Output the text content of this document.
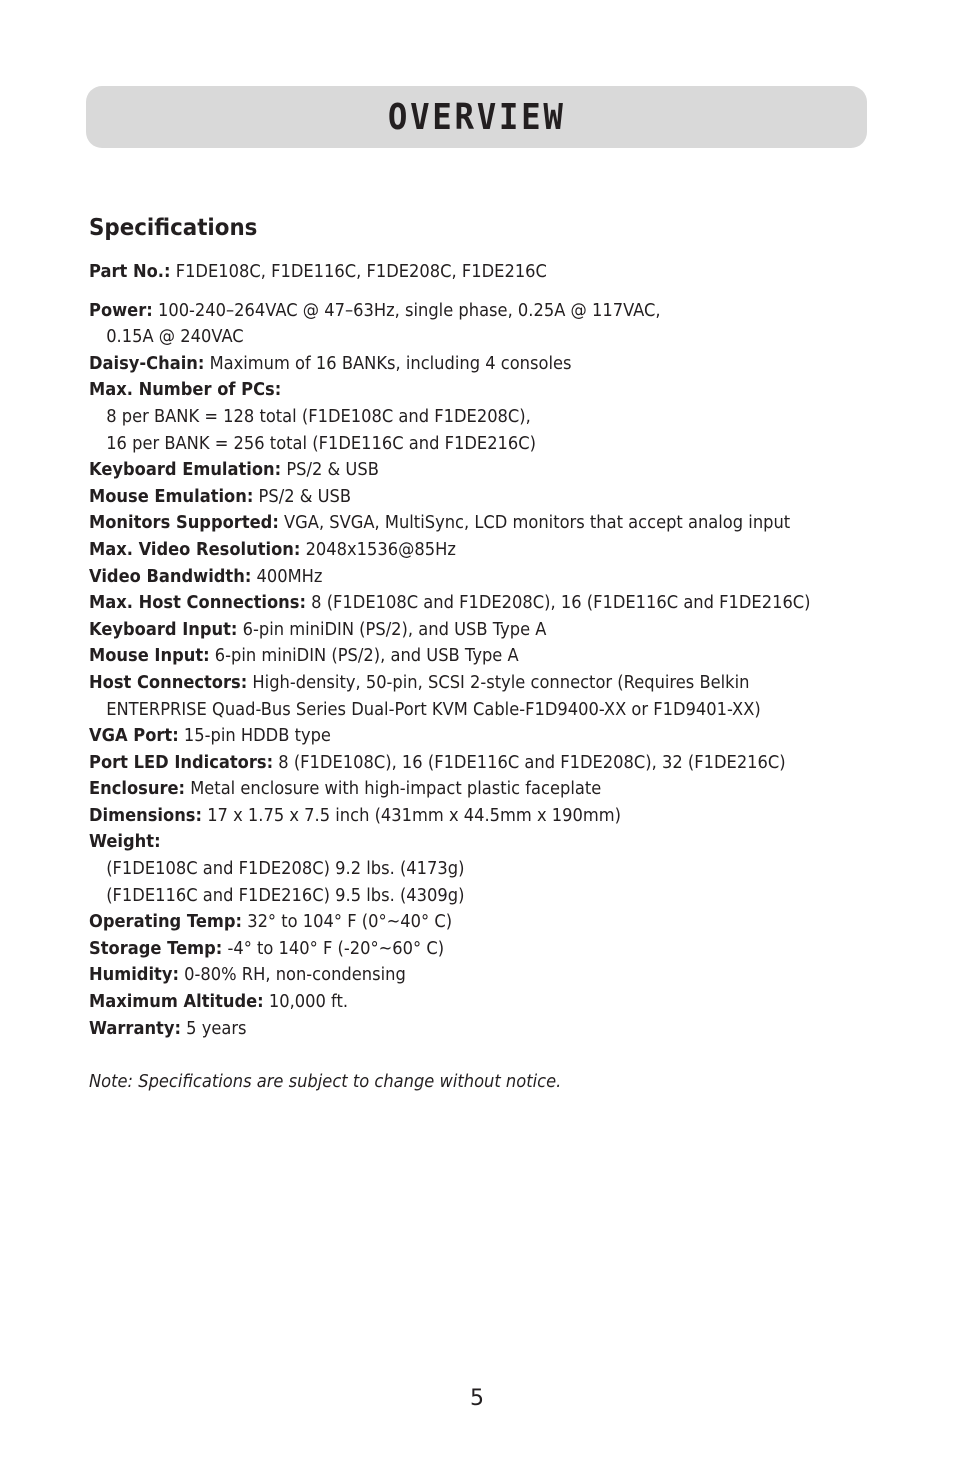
OVERVIEW
Specifications
Part No.: F1DE108C, F1DE116C, F1DE208C, F1DE216C
Power: 100-240–264VAC @ 47–63Hz, single phase, 0.25A @ 117VAC,
0.15A @ 240VAC
Daisy-Chain: Maximum of 16 BANKs, including 4 consoles
Max. Number of PCs:
8 per BANK = 128 total (F1DE108C and F1DE208C),
16 per BANK = 256 total (F1DE116C and F1DE216C)
Keyboard Emulation: PS/2 & USB
Mouse Emulation: PS/2 & USB
Monitors Supported: VGA, SVGA, MultiSync, LCD monitors that accept analog input
Max. Video Resolution: 2048x1536@85Hz
Video Bandwidth: 400MHz
Max. Host Connections: 8 (F1DE108C and F1DE208C), 16 (F1DE116C and F1DE216C)
Keyboard Input: 6-pin miniDIN (PS/2), and USB Type A
Mouse Input: 6-pin miniDIN (PS/2), and USB Type A
Host Connectors: High-density, 50-pin, SCSI 2-style connector (Requires Belkin
ENTERPRISE Quad-Bus Series Dual-Port KVM Cable-F1D9400-XX or F1D9401-XX)
VGA Port: 15-pin HDDB type
Port LED Indicators: 8 (F1DE108C), 16 (F1DE116C and F1DE208C), 32 (F1DE216C)
Enclosure: Metal enclosure with high-impact plastic faceplate
Dimensions: 17 x 1.75 x 7.5 inch (431mm x 44.5mm x 190mm)
Weight:
(F1DE108C and F1DE208C) 9.2 lbs. (4173g)
(F1DE116C and F1DE216C) 9.5 lbs. (4309g)
Operating Temp: 32° to 104° F (0°~40° C)
Storage Temp: -4° to 140° F (-20°~60° C)
Humidity: 0-80% RH, non-condensing
Maximum Altitude: 10,000 ft.
Warranty: 5 years
Note: Specifications are subject to change without notice.
5
